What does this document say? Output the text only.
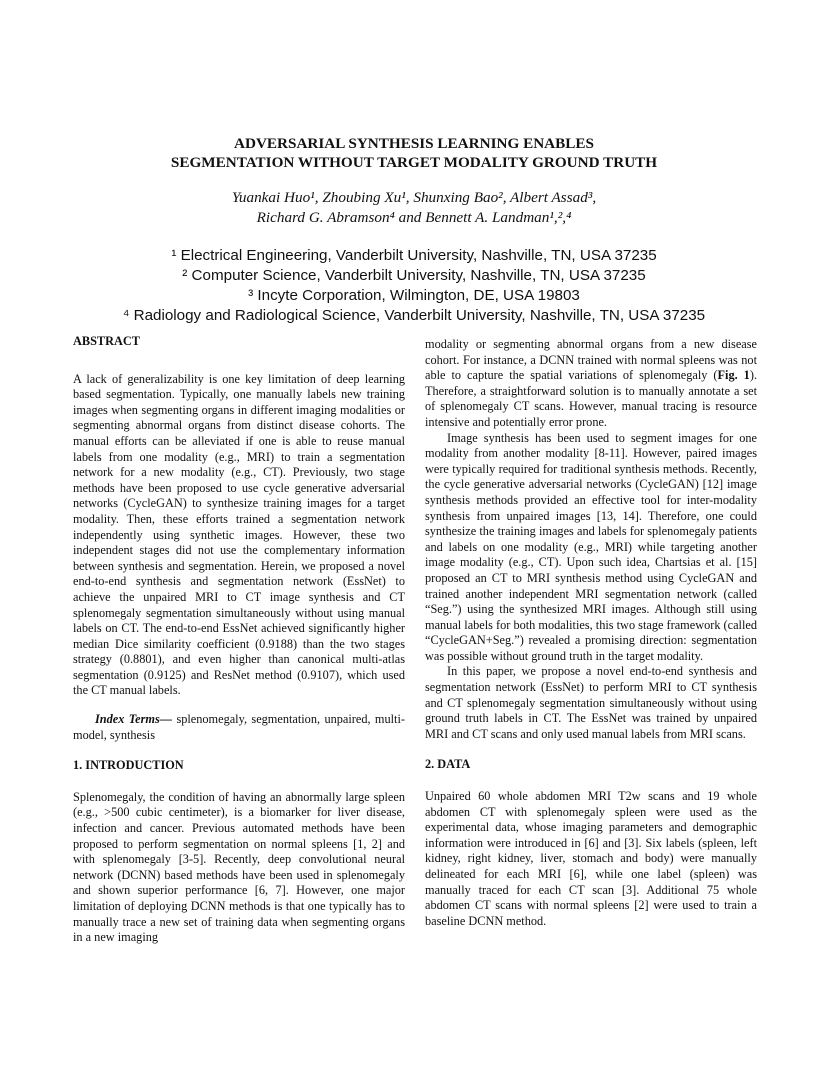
ADVERSARIAL SYNTHESIS LEARNING ENABLES
SEGMENTATION WITHOUT TARGET MODALITY GROUND TRUTH
Yuankai Huo¹, Zhoubing Xu¹, Shunxing Bao², Albert Assad³,
Richard G. Abramson⁴ and Bennett A. Landman¹,²,⁴
¹ Electrical Engineering, Vanderbilt University, Nashville, TN, USA 37235
² Computer Science, Vanderbilt University, Nashville, TN, USA 37235
³ Incyte Corporation, Wilmington, DE, USA 19803
⁴ Radiology and Radiological Science, Vanderbilt University, Nashville, TN, USA 37235

ABSTRACT

A lack of generalizability is one key limitation of deep learning based segmentation. Typically, one manually labels new training images when segmenting organs in different imaging modalities or segmenting abnormal organs from distinct disease cohorts. The manual efforts can be alleviated if one is able to reuse manual labels from one modality (e.g., MRI) to train a segmentation network for a new modality (e.g., CT). Previously, two stage methods have been proposed to use cycle generative adversarial networks (CycleGAN) to synthesize training images for a target modality. Then, these efforts trained a segmentation network independently using synthetic images. However, these two independent stages did not use the complementary information between synthesis and segmentation. Herein, we proposed a novel end-to-end synthesis and segmentation network (EssNet) to achieve the unpaired MRI to CT image synthesis and CT splenomegaly segmentation simultaneously without using manual labels on CT. The end-to-end EssNet achieved significantly higher median Dice similarity coefficient (0.9188) than the two stages strategy (0.8801), and even higher than canonical multi-atlas segmentation (0.9125) and ResNet method (0.9107), which used the CT manual labels.

Index Terms— splenomegaly, segmentation, unpaired, multi-model, synthesis

1. INTRODUCTION

Splenomegaly, the condition of having an abnormally large spleen (e.g., >500 cubic centimeter), is a biomarker for liver disease, infection and cancer. Previous automated methods have been proposed to perform segmentation on normal spleens [1, 2] and with splenomegaly [3-5]. Recently, deep convolutional neural network (DCNN) based methods have been used in splenomegaly and shown superior performance [6, 7]. However, one major limitation of deploying DCNN methods is that one typically has to manually trace a new set of training data when segmenting organs in a new imaging

modality or segmenting abnormal organs from a new disease cohort. For instance, a DCNN trained with normal spleens was not able to capture the spatial variations of splenomegaly (Fig. 1). Therefore, a straightforward solution is to manually annotate a set of splenomegaly CT scans. However, manual tracing is resource intensive and potentially error prone.

Image synthesis has been used to segment images for one modality from another modality [8-11]. However, paired images were typically required for traditional synthesis methods. Recently, the cycle generative adversarial networks (CycleGAN) [12] image synthesis methods provided an effective tool for inter-modality synthesis from unpaired images [13, 14]. Therefore, one could synthesize the training images and labels for splenomegaly patients and labels on one modality (e.g., MRI) while targeting another image modality (e.g., CT). Upon such idea, Chartsias et al. [15] proposed an CT to MRI synthesis method using CycleGAN and trained another independent MRI segmentation network (called “Seg.”) using the synthesized MRI images. Although still using manual labels for both modalities, this two stage framework (called “CycleGAN+Seg.”) revealed a promising direction: segmentation was possible without ground truth in the target modality.

In this paper, we propose a novel end-to-end synthesis and segmentation network (EssNet) to perform MRI to CT synthesis and CT splenomegaly segmentation simultaneously without using ground truth labels in CT. The EssNet was trained by unpaired MRI and CT scans and only used manual labels from MRI scans.

2. DATA

Unpaired 60 whole abdomen MRI T2w scans and 19 whole abdomen CT with splenomegaly spleen were used as the experimental data, whose imaging parameters and demographic information were introduced in [6] and [3]. Six labels (spleen, left kidney, right kidney, liver, stomach and body) were manually delineated for each MRI [6], while one label (spleen) was manually traced for each CT scan [3]. Additional 75 whole abdomen CT scans with normal spleens [2] were used to train a baseline DCNN method.
